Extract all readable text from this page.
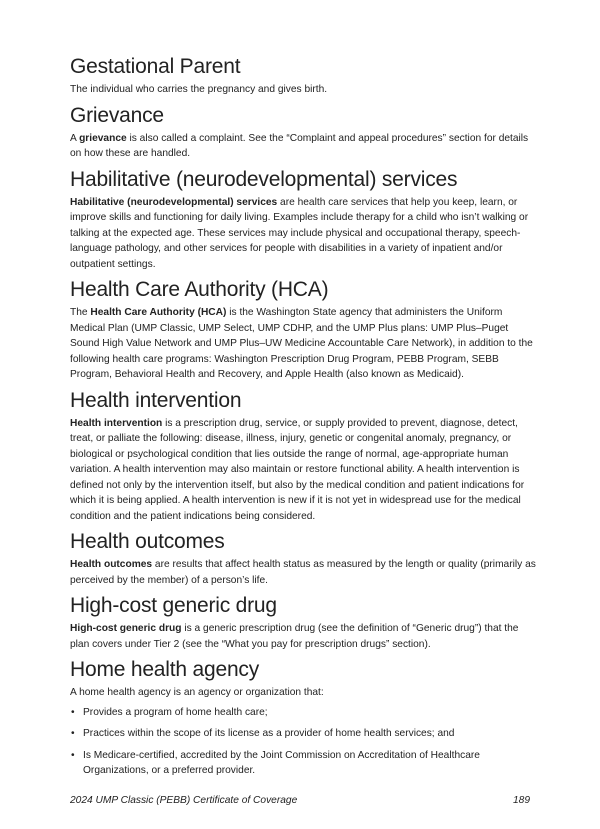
Gestational Parent

The individual who carries the pregnancy and gives birth.

Grievance

A grievance is also called a complaint. See the “Complaint and appeal procedures” section for details on how these are handled.

Habilitative (neurodevelopmental) services

Habilitative (neurodevelopmental) services are health care services that help you keep, learn, or improve skills and functioning for daily living. Examples include therapy for a child who isn’t walking or talking at the expected age. These services may include physical and occupational therapy, speech-language pathology, and other services for people with disabilities in a variety of inpatient and/or outpatient settings.

Health Care Authority (HCA)

The Health Care Authority (HCA) is the Washington State agency that administers the Uniform Medical Plan (UMP Classic, UMP Select, UMP CDHP, and the UMP Plus plans: UMP Plus–Puget Sound High Value Network and UMP Plus–UW Medicine Accountable Care Network), in addition to the following health care programs: Washington Prescription Drug Program, PEBB Program, SEBB Program, Behavioral Health and Recovery, and Apple Health (also known as Medicaid).

Health intervention

Health intervention is a prescription drug, service, or supply provided to prevent, diagnose, detect, treat, or palliate the following: disease, illness, injury, genetic or congenital anomaly, pregnancy, or biological or psychological condition that lies outside the range of normal, age-appropriate human variation. A health intervention may also maintain or restore functional ability. A health intervention is defined not only by the intervention itself, but also by the medical condition and patient indications for which it is being applied. A health intervention is new if it is not yet in widespread use for the medical condition and the patient indications being considered.

Health outcomes

Health outcomes are results that affect health status as measured by the length or quality (primarily as perceived by the member) of a person’s life.

High-cost generic drug

High-cost generic drug is a generic prescription drug (see the definition of “Generic drug”) that the plan covers under Tier 2 (see the “What you pay for prescription drugs” section).

Home health agency

A home health agency is an agency or organization that:

• Provides a program of home health care;
• Practices within the scope of its license as a provider of home health services; and
• Is Medicare-certified, accredited by the Joint Commission on Accreditation of Healthcare Organizations, or a preferred provider.
2024 UMP Classic (PEBB) Certificate of Coverage	189
